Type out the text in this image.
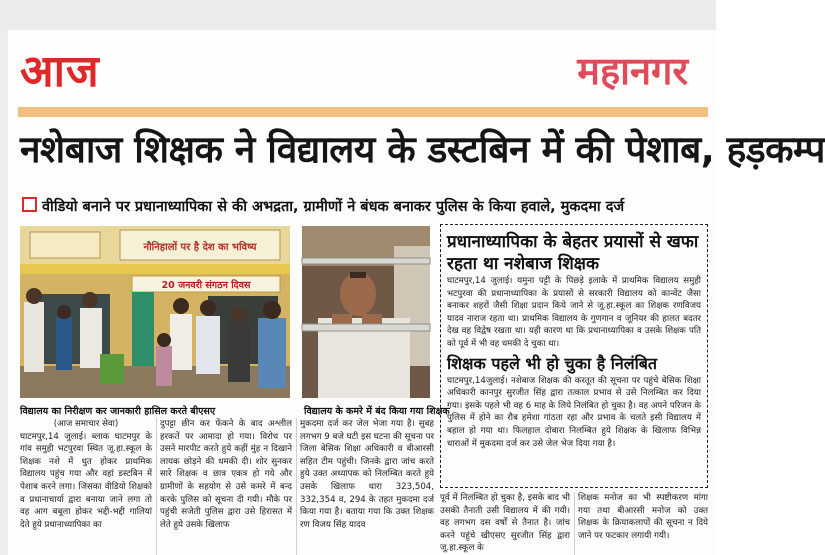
आज	महानगर
नशेबाज शिक्षक ने विद्यालय के डस्टबिन में की पेशाब, हड़कम्प
वीडियो बनाने पर प्रधानाध्यापिका से की अभद्रता, ग्रामीणों ने बंधक बनाकर पुलिस के किया हवाले, मुकदमा दर्ज
नौनिहालों पर है देश का भविष्य
20 जनवरी संगठन दिवस
विद्यालय का निरीक्षण कर जानकारी हासिल करते बीएसए	विद्यालय के कमरे में बंद किया गया शिक्षक

(आज समाचार सेवा)

घाटमपुर,14 जुलाई। ब्लाक घाटमपुर के गांव समुही भटपुरवा स्थित जू.हा.स्कूल के शिक्षक नशे में धुत होकर प्राथमिक विद्यालय पहुंच गया और वहां डस्टबिन में पेशाब करने लगा। जिसका वीडियो शिक्षको व प्रधानाचार्या द्वारा बनाया जाने लगा तो वह आग बबूला होकर भद्दी-भद्दी गालियां देते हुये प्रधानाध्यापिका का

दुपट्टा छीन कर फेंकने के बाद अश्लील हरकतें पर आमादा हो गया। विरोध पर उसने मारपीट करते हुये कहीं मुंह न दिखाने लायक छोड़ने की धमकी दी। शोर सुनकर सारे शिक्षक व छात्र एकत्र हो गये और ग्रामीणों के सहयोग से उसे कमरे में बन्द करके पुलिस को सूचना दी गयी। मौके पर पहुंची सजेती पुलिस द्वारा उसे हिरासत में लेते हुये उसके खिलाफ

मुकदमा दर्ज कर जेल भेजा गया है। सुबह लगभग 9 बजे घटी इस घटना की सूचना पर जिला बेसिक शिक्षा अधिकारी व बीआरसी सहित टीम पहुंची। जिनके द्वारा जांच करते हुये उक्त अध्यापक को निलम्बित करते हुये उसके खिलाफ धारा 323,504, 332,354 व, 294 के तहत मुकदमा दर्ज किया गया है। बताया गया कि उक्त शिक्षक रण विजय सिंह यादव

प्रधानाध्यापिका के बेहतर प्रयासों से खफा रहता था नशेबाज शिक्षक
घाटमपुर,14 जुलाई। यमुना पट्टी के पिछड़े इलाके में प्राथमिक विद्यालय समुही भटपुरवा की प्रधानाध्यापिका के प्रयासों से सरकारी विद्यालय को कान्वेंट जैसा बनाकर शहरों जैसी शिक्षा प्रदान किये जाने से जू.हा.स्कूल का शिक्षक रणविजय यादव नाराज रहता था। प्राथमिक विद्यालय के गुणगान व जूनियर की हालत बदतर देख वह विद्वेष रखता था। यही कारण था कि प्रधानाध्यापिका व उसके शिक्षक पति को पूर्व में भी वह धमकी दे चुका था।
शिक्षक पहले भी हो चुका है निलंबित
घाटमपुर,14जुलाई। नशेबाज शिक्षक की करतूत की सूचना पर पहुंचे बेसिक शिक्षा अधिकारी कानपुर सुरजीत सिंह द्वारा तत्काल प्रभाव से उसे निलम्बित कर दिया गया। इसके पहले भी वह 6 माह के लिये निलंबित हो चुका है। वह अपने परिजन के पुलिस में होने का रौब हमेशा गांठता रहा और प्रभाव के चलते इसी विद्यालय में बहाल हो गया था। फिलहाल दोबारा निलम्बित हुये शिक्षक के खिलाफ विभिन्न धाराओं में मुकदमा दर्ज कर उसे जेल भेज दिया गया है।

पूर्व में निलम्बित हो चुका है, इसके बाद भी उसकी तैनाती उसी विद्यालय में की गयी। वह लगभग दस वर्षों से तैनात है। जांच करने पहुंचे खीएसए सुरजीत सिंह द्वारा जू.हा.स्कूल के

शिक्षक मनोज का भी स्पष्टीकरण मांगा गया तथा बीआरसी मनोज को उक्त शिक्षक के क्रियाकलापों की सूचना न दिये जाने पर फटकार लगायी गयी।
